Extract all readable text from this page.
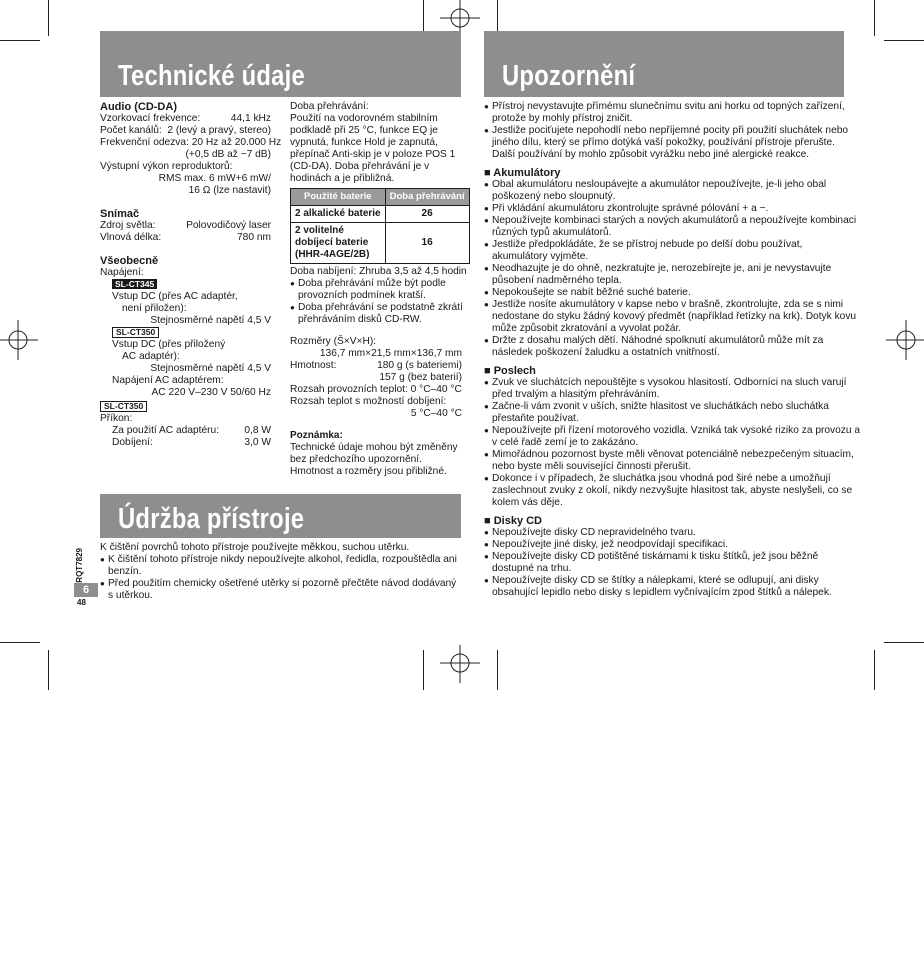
Technické údaje	Upozornění
Údržba přístroje
Audio (CD-DA)
Vzorkovací frekvence:	44,1 kHz
Počet kanálů: 2 (levý a pravý, stereo)
Frekvenční odezva: 20 Hz až 20.000 Hz
(+0,5 dB až −7 dB)
Výstupní výkon reproduktorů:
RMS max. 6 mW+6 mW/
16 Ω (lze nastavit)
Snímač
Zdroj světla:	Polovodičový laser
Vlnová délka:	780 nm
Všeobecně
Napájení:
SL-CT345
Vstup DC (přes AC adaptér,
není přiložen):
Stejnosměrné napětí 4,5 V
SL-CT350
Vstup DC (přes přiložený
AC adaptér):
Stejnosměrné napětí 4,5 V
Napájení AC adaptérem:
AC 220 V–230 V 50/60 Hz
SL-CT350
Příkon:
Za použití AC adaptéru: 0,8 W
Dobíjení:	3,0 W
Doba přehrávání:
Použití na vodorovném stabilním
podkladě při 25 °C, funkce EQ je
vypnutá, funkce Hold je zapnutá,
přepínač Anti-skip je v poloze POS 1
(CD-DA). Doba přehrávání je v
hodinách a je přibližná.
Použité baterie	Doba přehrávání
2 alkalické baterie	26

2 volitelné
dobíjecí baterie
(HHR-4AGE/2B)	16
Doba nabíjení: Zhruba 3,5 až 4,5 hodin
● Doba přehrávání může být podle
provozních podmínek kratší.
● Doba přehrávání se podstatně zkrátí
přehráváním disků CD-RW.
Rozměry (Š×V×H):
136,7 mm×21,5 mm×136,7 mm
Hmotnost:	180 g (s bateriemi)
157 g (bez baterií)
Rozsah provozních teplot: 0 °C–40 °C
Rozsah teplot s možností dobíjení:
5 °C–40 °C
Poznámka:
Technické údaje mohou být změněny
bez předchozího upozornění.
Hmotnost a rozměry jsou přibližné.
K čištění povrchů tohoto přístroje používejte měkkou, suchou utěrku.
● K čištění tohoto přístroje nikdy nepoužívejte alkohol, ředidla, rozpouštědla ani
benzín.
● Před použitím chemicky ošetřené utěrky si pozorně přečtěte návod dodávaný
s utěrkou.
RQT7829
6
48
● Přístroj nevystavujte přímému slunečnímu svitu ani horku od topných zařízení,
protože by mohly přístroj zničit.
● Jestliže pociťujete nepohodlí nebo nepříjemné pocity při použití sluchátek nebo
jiného dílu, který se přímo dotýká vaší pokožky, používání přístroje přerušte.
Další používání by mohlo způsobit vyrážku nebo jiné alergické reakce.
■ Akumulátory
● Obal akumulátoru nesloupávejte a akumulátor nepoužívejte, je-li jeho obal
poškozený nebo sloupnutý.
● Při vkládání akumulátoru zkontrolujte správné pólování + a −.
● Nepoužívejte kombinaci starých a nových akumulátorů a nepoužívejte kombinaci
různých typů akumulátorů.
● Jestliže předpokládáte, že se přístroj nebude po delší dobu používat,
akumulátory vyjměte.
● Neodhazujte je do ohně, nezkratujte je, nerozebírejte je, ani je nevystavujte
působení nadměrného tepla.
● Nepokoušejte se nabít běžné suché baterie.
● Jestliže nosíte akumulátory v kapse nebo v brašně, zkontrolujte, zda se s nimi
nedostane do styku žádný kovový předmět (například řetízky na krk). Dotyk kovu
může způsobit zkratování a vyvolat požár.
● Držte z dosahu malých dětí. Náhodné spolknutí akumulátorů může mít za
následek poškození žaludku a ostatních vnitřností.
■ Poslech
● Zvuk ve sluchátcích nepouštějte s vysokou hlasitostí. Odborníci na sluch varují
před trvalým a hlasitým přehráváním.
● Začne-li vám zvonit v uších, snižte hlasitost ve sluchátkách nebo sluchátka
přestaňte používat.
● Nepoužívejte při řízení motorového vozidla. Vzniká tak vysoké riziko za provozu a
v celé řadě zemí je to zakázáno.
● Mimořádnou pozornost byste měli věnovat potenciálně nebezpečeným situacím,
nebo byste měli související činnosti přerušit.
● Dokonce i v případech, že sluchátka jsou vhodná pod širé nebe a umožňují
zaslechnout zvuky z okolí, nikdy nezvyšujte hlasitost tak, abyste neslyšeli, co se
kolem vás děje.
■ Disky CD
● Nepoužívejte disky CD nepravidelného tvaru.
● Nepoužívejte jiné disky, jež neodpovídají specifikaci.
● Nepoužívejte disky CD potištěné tiskárnami k tisku štítků, jež jsou běžně
dostupné na trhu.
● Nepoužívejte disky CD se štítky a nálepkami, které se odlupují, ani disky
obsahující lepidlo nebo disky s lepidlem vyčnívajícím zpod štítků a nálepek.
